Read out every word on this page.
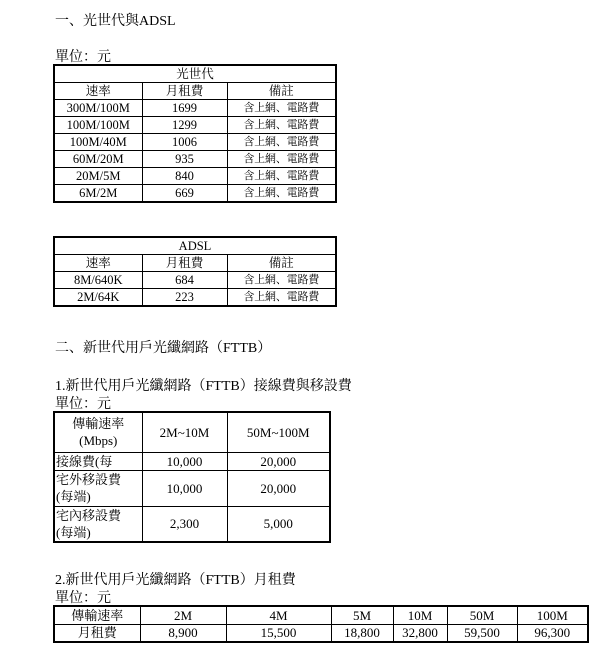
一、光世代與ADSL
單位：元
光世代		
速率	月租費	備註
300M/100M	1699	含上網、電路費
100M/100M	1299	含上網、電路費
100M/40M	1006	含上網、電路費
60M/20M	935	含上網、電路費
20M/5M	840	含上網、電路費
6M/2M	669	含上網、電路費
ADSL		
速率	月租費	備註
8M/640K	684	含上網、電路費
2M/64K	223	含上網、電路費
二、新世代用戶光纖網路（FTTB）
1.新世代用戶光纖網路（FTTB）接線費與移設費
單位：元
傳輸速率
(Mbps)	2M~10M	50M~100M
接線費(每	10,000	20,000

宅外移設費
(每端)	10,000	20,000

宅內移設費
(每端)	2,300	5,000
2.新世代用戶光纖網路（FTTB）月租費
單位：元
傳輸速率	2M	4M	5M	10M	50M	100M
月租費	8,900	15,500	18,800	32,800	59,500	96,300
